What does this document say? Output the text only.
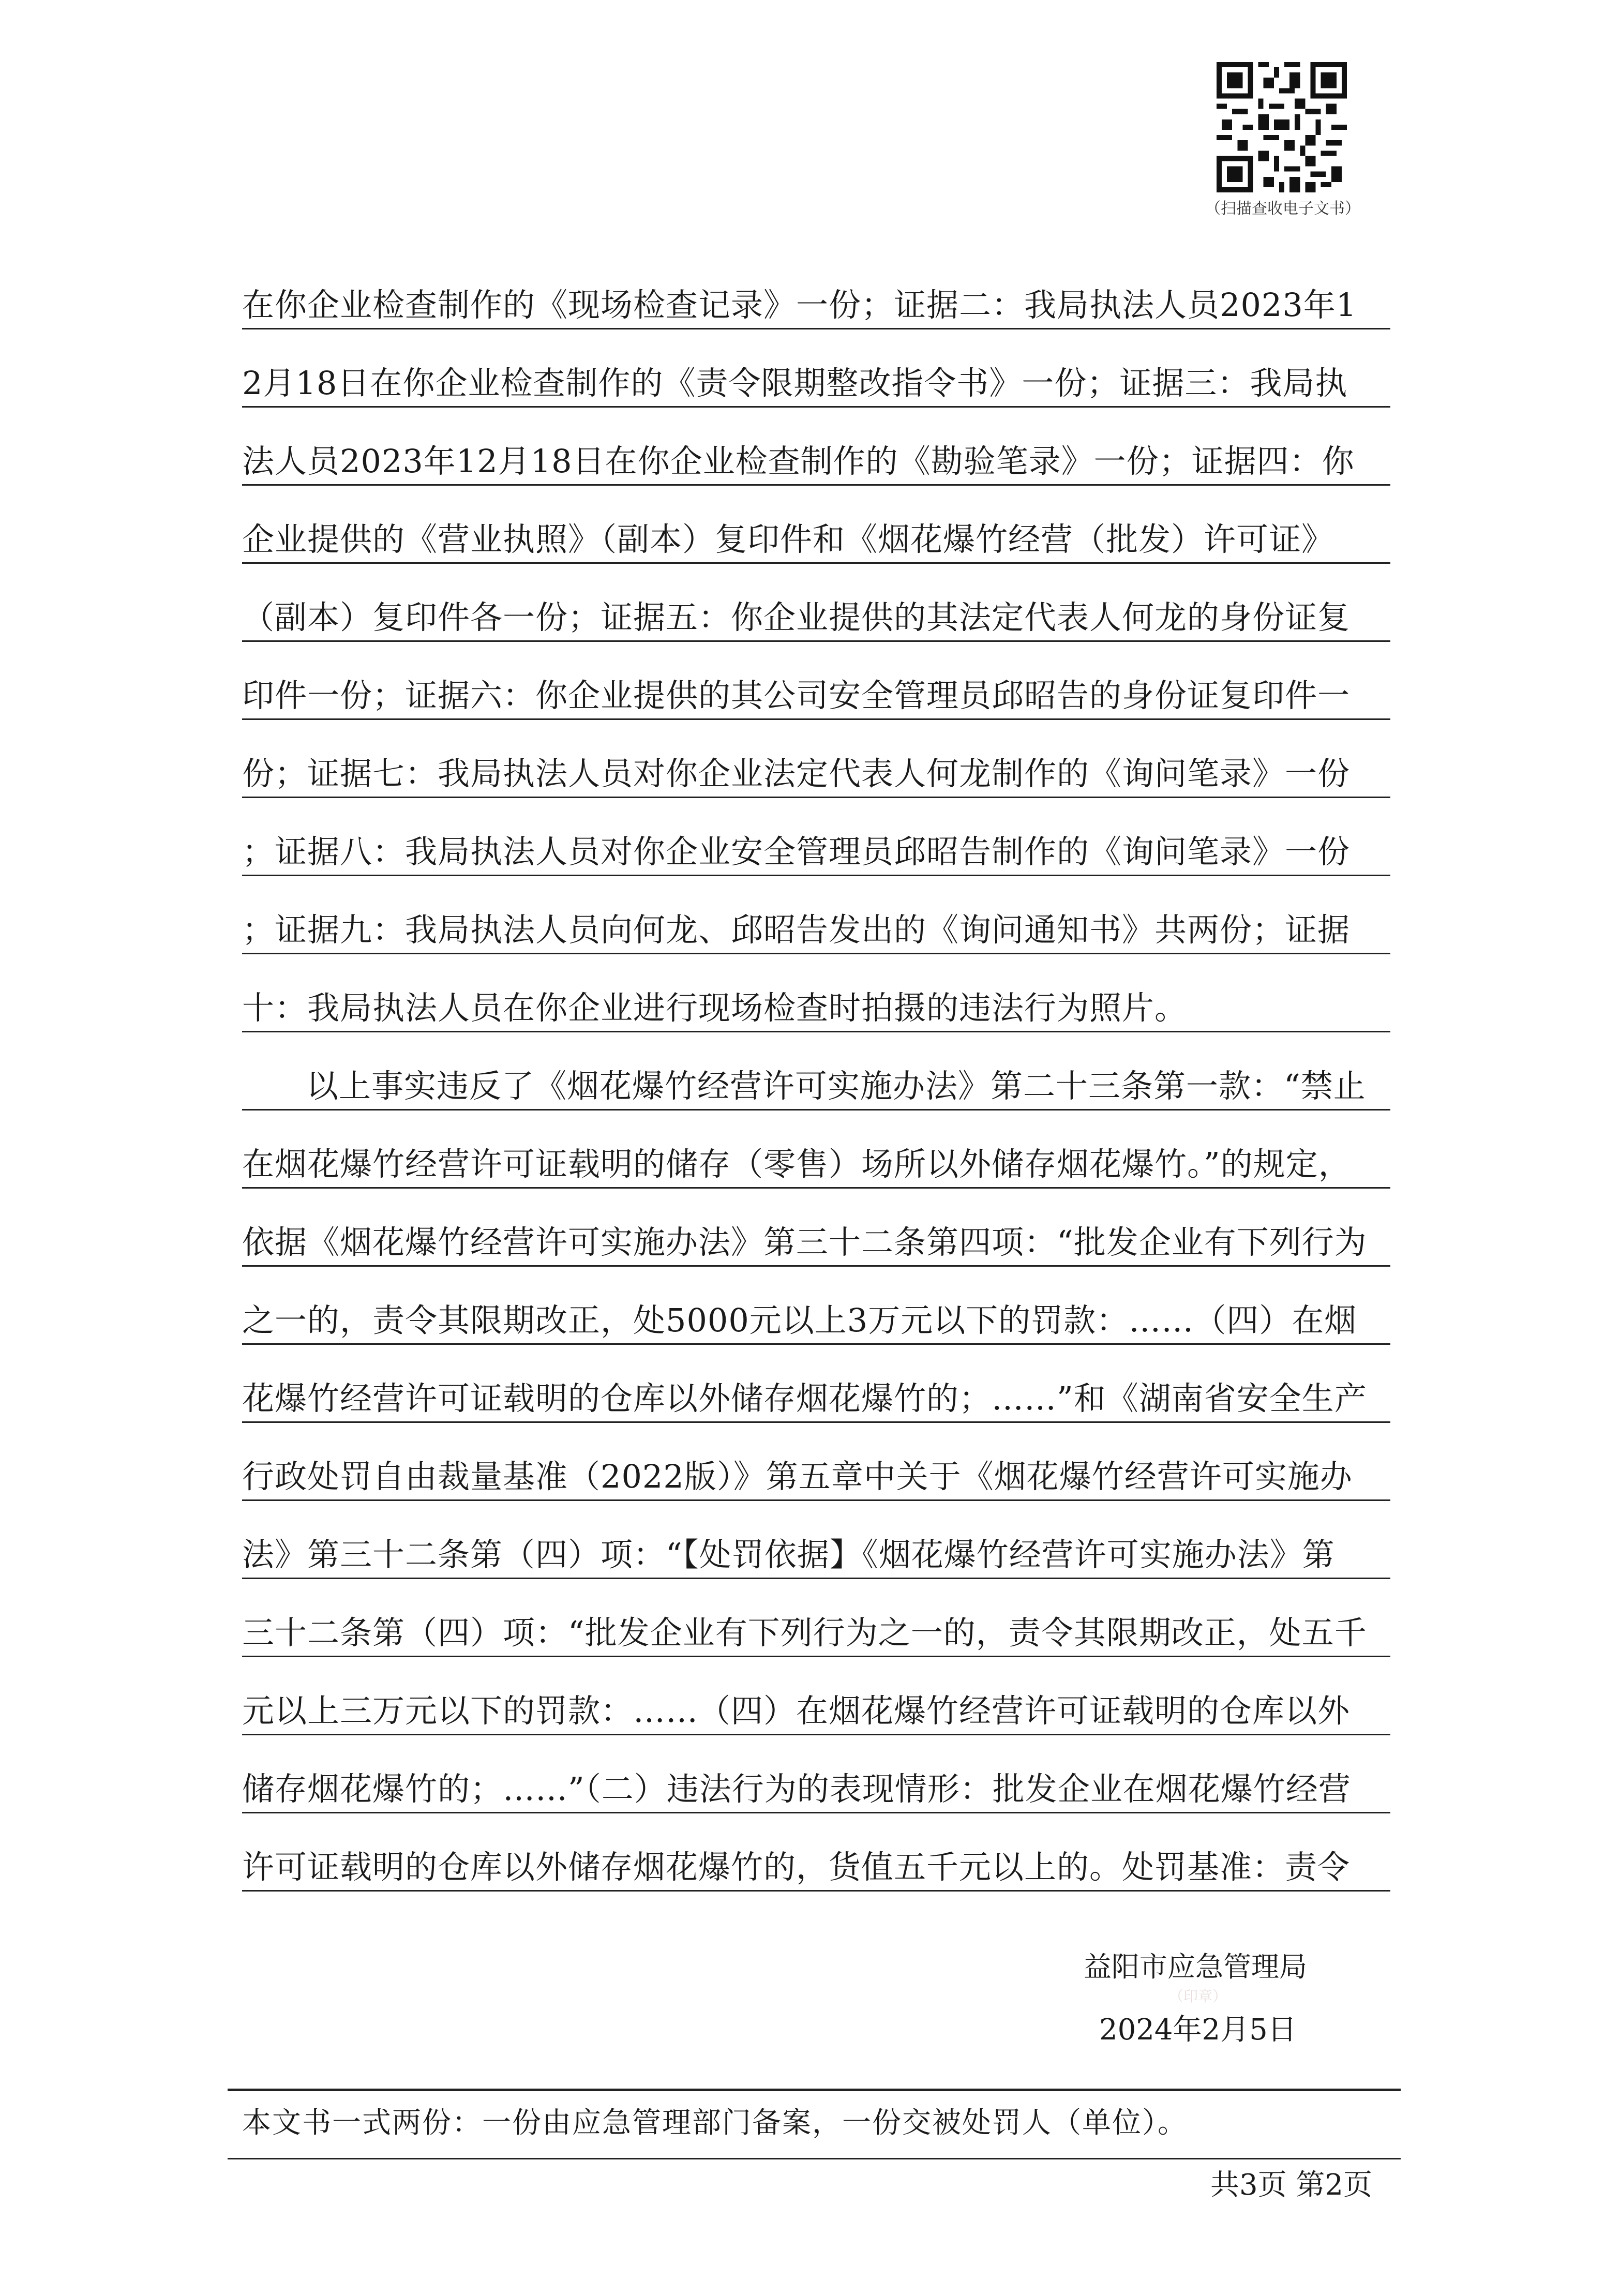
（扫描查收电子文书）
在你企业检查制作的《现场检查记录》一份；证据二：我局执法人员2023年1
2月18日在你企业检查制作的《责令限期整改指令书》一份；证据三：我局执
法人员2023年12月18日在你企业检查制作的《勘验笔录》一份；证据四：你
企业提供的《营业执照》（副本）复印件和《烟花爆竹经营（批发）许可证》
（副本）复印件各一份；证据五：你企业提供的其法定代表人何龙的身份证复
印件一份；证据六：你企业提供的其公司安全管理员邱昭告的身份证复印件一
份；证据七：我局执法人员对你企业法定代表人何龙制作的《询问笔录》一份
；证据八：我局执法人员对你企业安全管理员邱昭告制作的《询问笔录》一份
；证据九：我局执法人员向何龙、邱昭告发出的《询问通知书》共两份；证据
十：我局执法人员在你企业进行现场检查时拍摄的违法行为照片。
以上事实违反了《烟花爆竹经营许可实施办法》第二十三条第一款：“禁止
在烟花爆竹经营许可证载明的储存（零售）场所以外储存烟花爆竹。”的规定，
依据《烟花爆竹经营许可实施办法》第三十二条第四项：“批发企业有下列行为
之一的，责令其限期改正，处5000元以上3万元以下的罚款：……（四）在烟
花爆竹经营许可证载明的仓库以外储存烟花爆竹的；……”和《湖南省安全生产
行政处罚自由裁量基准（2022版）》第五章中关于《烟花爆竹经营许可实施办
法》第三十二条第（四）项：“【处罚依据】《烟花爆竹经营许可实施办法》第
三十二条第（四）项：“批发企业有下列行为之一的，责令其限期改正，处五千
元以上三万元以下的罚款：……（四）在烟花爆竹经营许可证载明的仓库以外
储存烟花爆竹的；……”（二）违法行为的表现情形：批发企业在烟花爆竹经营
许可证载明的仓库以外储存烟花爆竹的，货值五千元以上的。处罚基准：责令
益阳市应急管理局
（印章）
2024年2月5日
本文书一式两份：一份由应急管理部门备案，一份交被处罚人（单位）。
共3页 第2页
